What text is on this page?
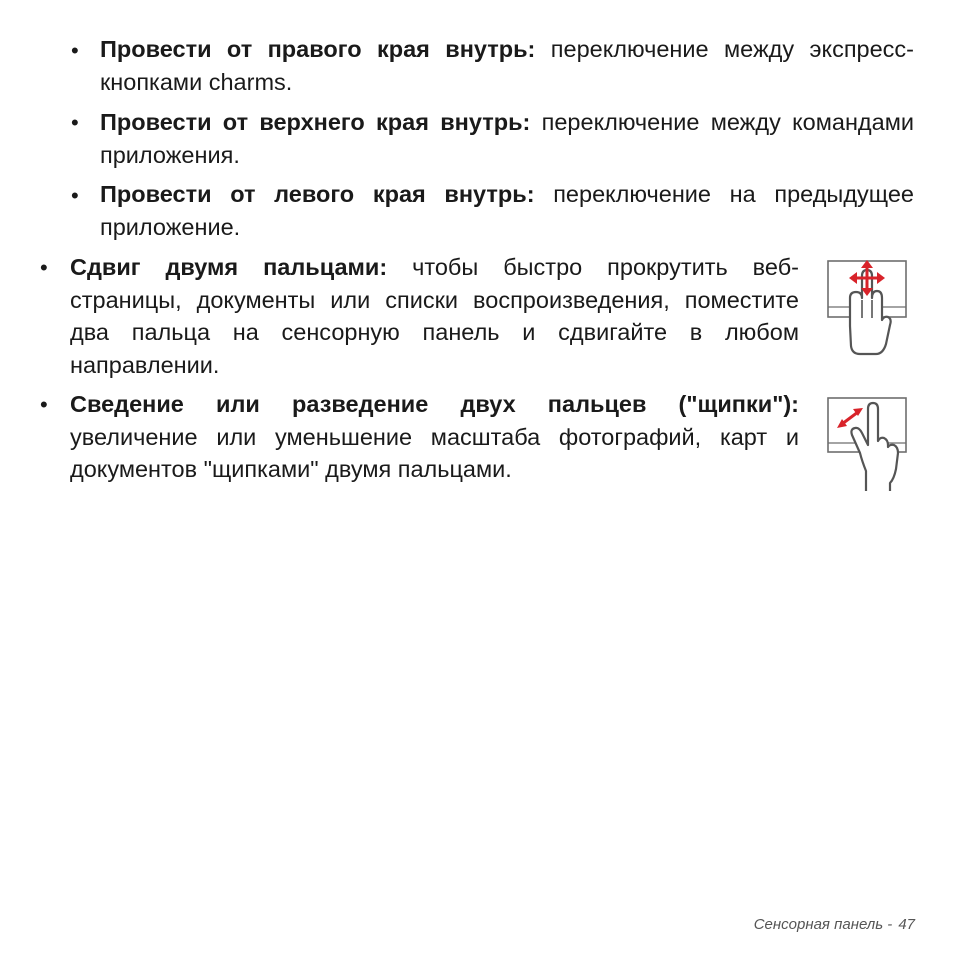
• Провести от правого края внутрь: переключение между экспресс-кнопками charms.

• Провести от верхнего края внутрь: переключение между командами приложения.

• Провести от левого края внутрь: переключение на предыдущее приложение.

• Сдвиг двумя пальцами: чтобы быстро прокрутить веб-страницы, документы или списки воспроизведения, поместите два пальца на сенсорную панель и сдвигайте в любом направлении.

• Сведение или разведение двух пальцев ("щипки"): увеличение или уменьшение масштаба фотографий, карт и документов "щипками" двумя пальцами.

Сенсорная панель - 47
